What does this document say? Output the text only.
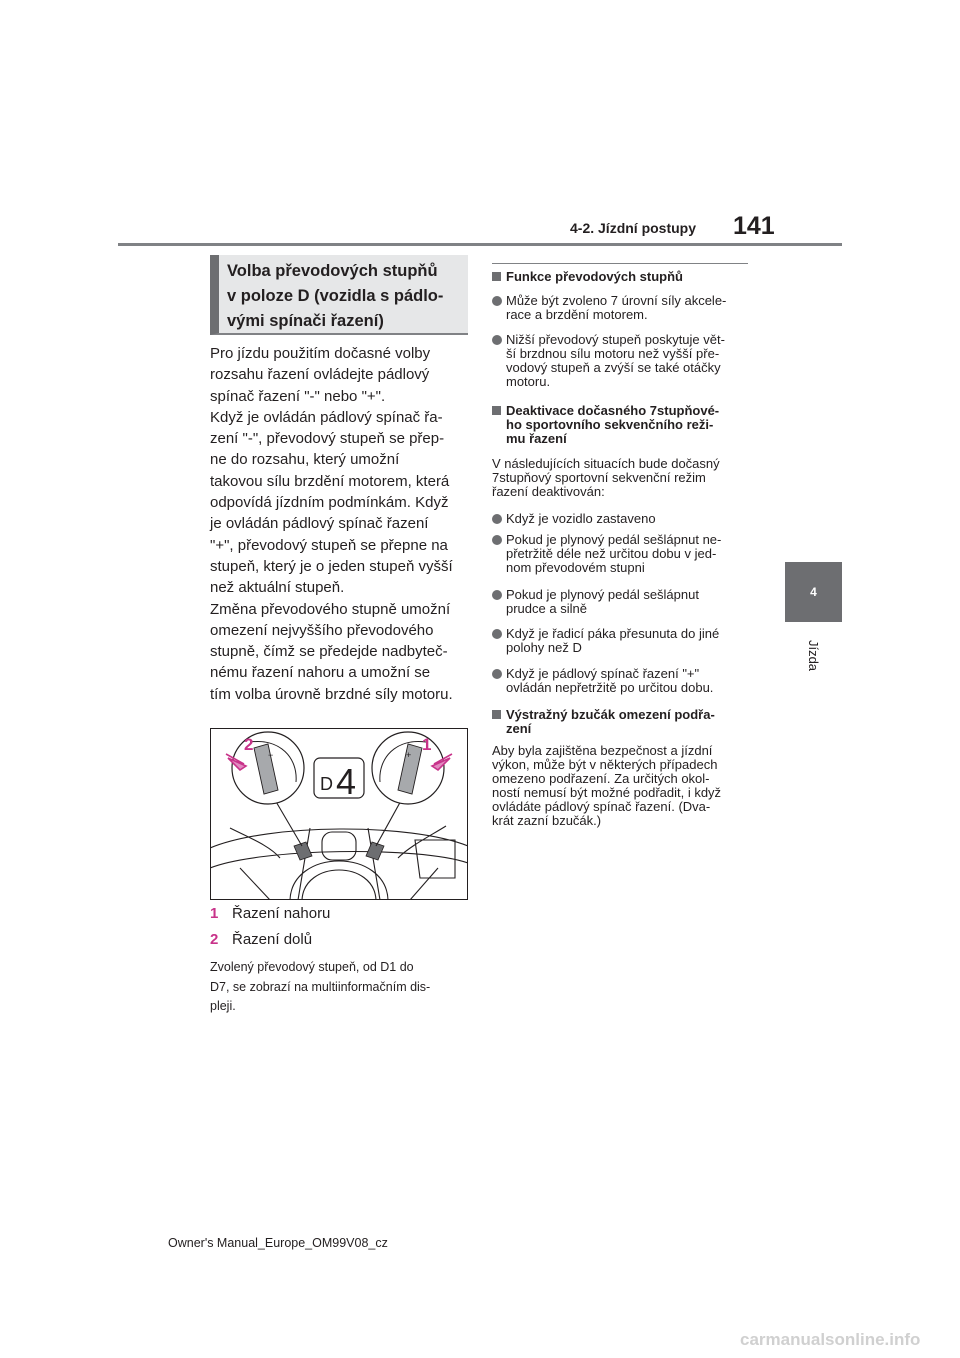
4-2. Jízdní postupy 141
4
Jízda
Volba převodových stupňů
v poloze D (vozidla s pádlo-
vými spínači řazení)
Pro jízdu použitím dočasné volby
rozsahu řazení ovládejte pádlový
spínač řazení "-" nebo "+".
Když je ovládán pádlový spínač řa-
zení "-", převodový stupeň se přep-
ne do rozsahu, který umožní
takovou sílu brzdění motorem, která
odpovídá jízdním podmínkám. Když
je ovládán pádlový spínač řazení
"+", převodový stupeň se přepne na
stupeň, který je o jeden stupeň vyšší
než aktuální stupeň.
Změna převodového stupně umožní
omezení nejvyššího převodového
stupně, čímž se předejde nadbyteč-
nému řazení nahoru a umožní se
tím volba úrovně brzdné síly motoru.
−
2
+
1
D 4
1 Řazení nahoru
2 Řazení dolů
Zvolený převodový stupeň, od D1 do
D7, se zobrazí na multiinformačním dis-
pleji.
Funkce převodových stupňů
Může být zvoleno 7 úrovní síly akcele-
race a brzdění motorem.
Nižší převodový stupeň poskytuje vět-
ší brzdnou sílu motoru než vyšší pře-
vodový stupeň a zvýší se také otáčky
motoru.
Deaktivace dočasného 7stupňové-
ho sportovního sekvenčního reži-
mu řazení
V následujících situacích bude dočasný
7stupňový sportovní sekvenční režim
řazení deaktivován:
Když je vozidlo zastaveno
Pokud je plynový pedál sešlápnut ne-
přetržitě déle než určitou dobu v jed-
nom převodovém stupni
Pokud je plynový pedál sešlápnut
prudce a silně
Když je řadicí páka přesunuta do jiné
polohy než D
Když je pádlový spínač řazení "+"
ovládán nepřetržitě po určitou dobu.
Výstražný bzučák omezení podřa-
zení
Aby byla zajištěna bezpečnost a jízdní
výkon, může být v některých případech
omezeno podřazení. Za určitých okol-
ností nemusí být možné podřadit, i když
ovládáte pádlový spínač řazení. (Dva-
krát zazní bzučák.)
Owner's Manual_Europe_OM99V08_cz
carmanualsonline.info
